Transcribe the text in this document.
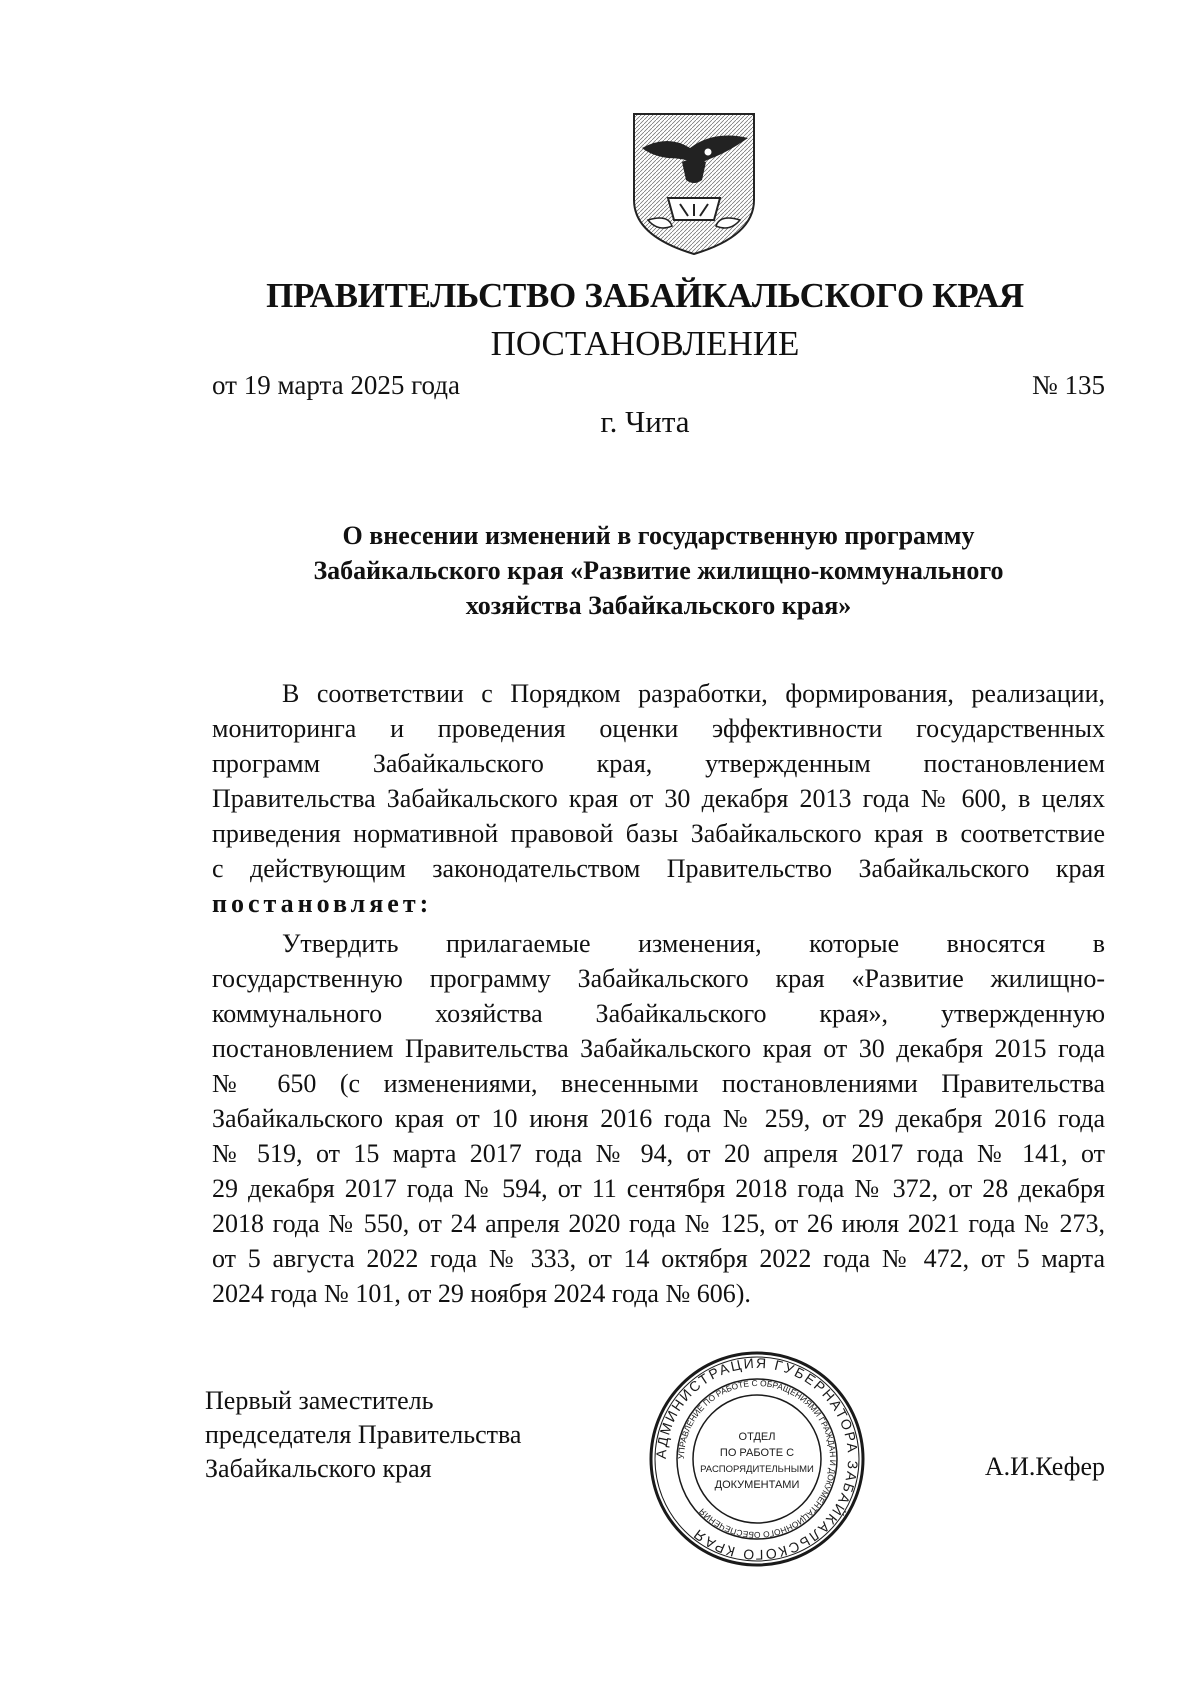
ПРАВИТЕЛЬСТВО ЗАБАЙКАЛЬСКОГО КРАЯ
ПОСТАНОВЛЕНИЕ
от 19 марта 2025 года	№ 135
г. Чита
О внесении изменений в государственную программу
Забайкальского края «Развитие жилищно-коммунального
хозяйства Забайкальского края»
В соответствии с Порядком разработки, формирования, реализации,
мониторинга и проведения оценки эффективности государственных
программ Забайкальского края, утвержденным постановлением
Правительства Забайкальского края от 30 декабря 2013 года № 600, в целях
приведения нормативной правовой базы Забайкальского края в соответствие
с действующим законодательством Правительство Забайкальского края
постановляет:
Утвердить прилагаемые изменения, которые вносятся в
государственную программу Забайкальского края «Развитие жилищно-
коммунального хозяйства Забайкальского края», утвержденную
постановлением Правительства Забайкальского края от 30 декабря 2015 года
№ 650 (с изменениями, внесенными постановлениями Правительства
Забайкальского края от 10 июня 2016 года № 259, от 29 декабря 2016 года
№ 519, от 15 марта 2017 года № 94, от 20 апреля 2017 года № 141, от
29 декабря 2017 года № 594, от 11 сентября 2018 года № 372, от 28 декабря
2018 года № 550, от 24 апреля 2020 года № 125, от 26 июля 2021 года № 273,
от 5 августа 2022 года № 333, от 14 октября 2022 года № 472, от 5 марта
2024 года № 101, от 29 ноября 2024 года № 606).
Первый заместитель
председателя Правительства
Забайкальского края	А.И.Кефер
АДМИНИСТРАЦИЯ ГУБЕРНАТОРА ЗАБАЙКАЛЬСКОГО КРАЯ
УПРАВЛЕНИЕ ПО РАБОТЕ С ОБРАЩЕНИЯМИ ГРАЖДАН И ДОКУМЕНТАЦИОННОГО ОБЕСПЕЧЕНИЯ
ОТДЕЛ
ПО РАБОТЕ С
РАСПОРЯДИТЕЛЬНЫМИ
ДОКУМЕНТАМИ
